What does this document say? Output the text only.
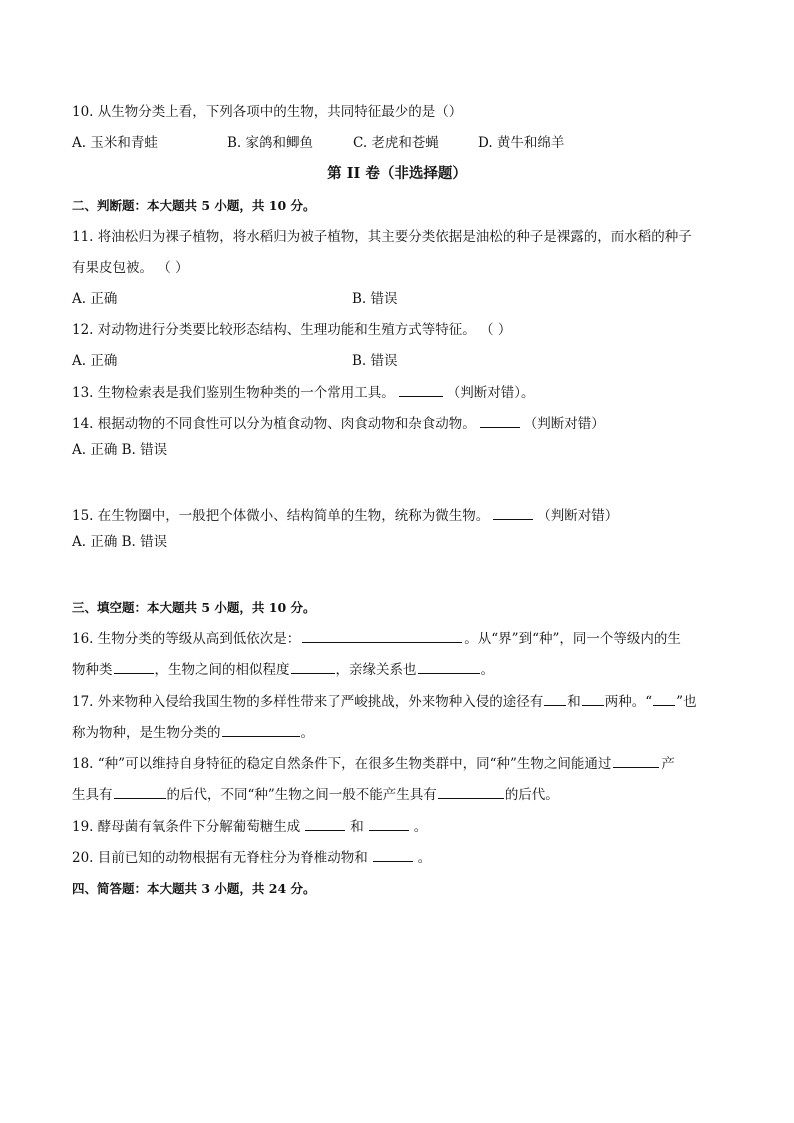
10. 从生物分类上看，下列各项中的生物，共同特征最少的是（）
A. 玉米和青蛙	B. 家鸽和鲫鱼	C. 老虎和苍蝇	D. 黄牛和绵羊
第 II 卷（非选择题）
二、判断题：本大题共 5 小题，共 10 分。
11. 将油松归为裸子植物，将水稻归为被子植物，其主要分类依据是油松的种子是裸露的，而水稻的种子
有果皮包被。 （ ）
A. 正确	B. 错误
12. 对动物进行分类要比较形态结构、生理功能和生殖方式等特征。 （ ）
A. 正确	B. 错误
13. 生物检索表是我们鉴别生物种类的一个常用工具。	（判断对错）。
14. 根据动物的不同食性可以分为植食动物、肉食动物和杂食动物。	（判断对错）
A. 正确 B. 错误
15. 在生物圈中，一般把个体微小、结构简单的生物，统称为微生物。	（判断对错）
A. 正确 B. 错误
三、填空题：本大题共 5 小题，共 10 分。
16. 生物分类的等级从高到低依次是：	。从“界”到“种”，同一个等级内的生
物种类	，生物之间的相似程度	，亲缘关系也	。
17. 外来物种入侵给我国生物的多样性带来了严峻挑战，外来物种入侵的途径有 和 两种。“ ”也
称为物种，是生物分类的	。
18. “种”可以维持自身特征的稳定自然条件下，在很多生物类群中，同“种”生物之间能通过	产
生具有	的后代，不同“种”生物之间一般不能产生具有	的后代。
19. 酵母菌有氧条件下分解葡萄糖生成	和	。
20. 目前已知的动物根据有无脊柱分为脊椎动物和	。
四、简答题：本大题共 3 小题，共 24 分。
